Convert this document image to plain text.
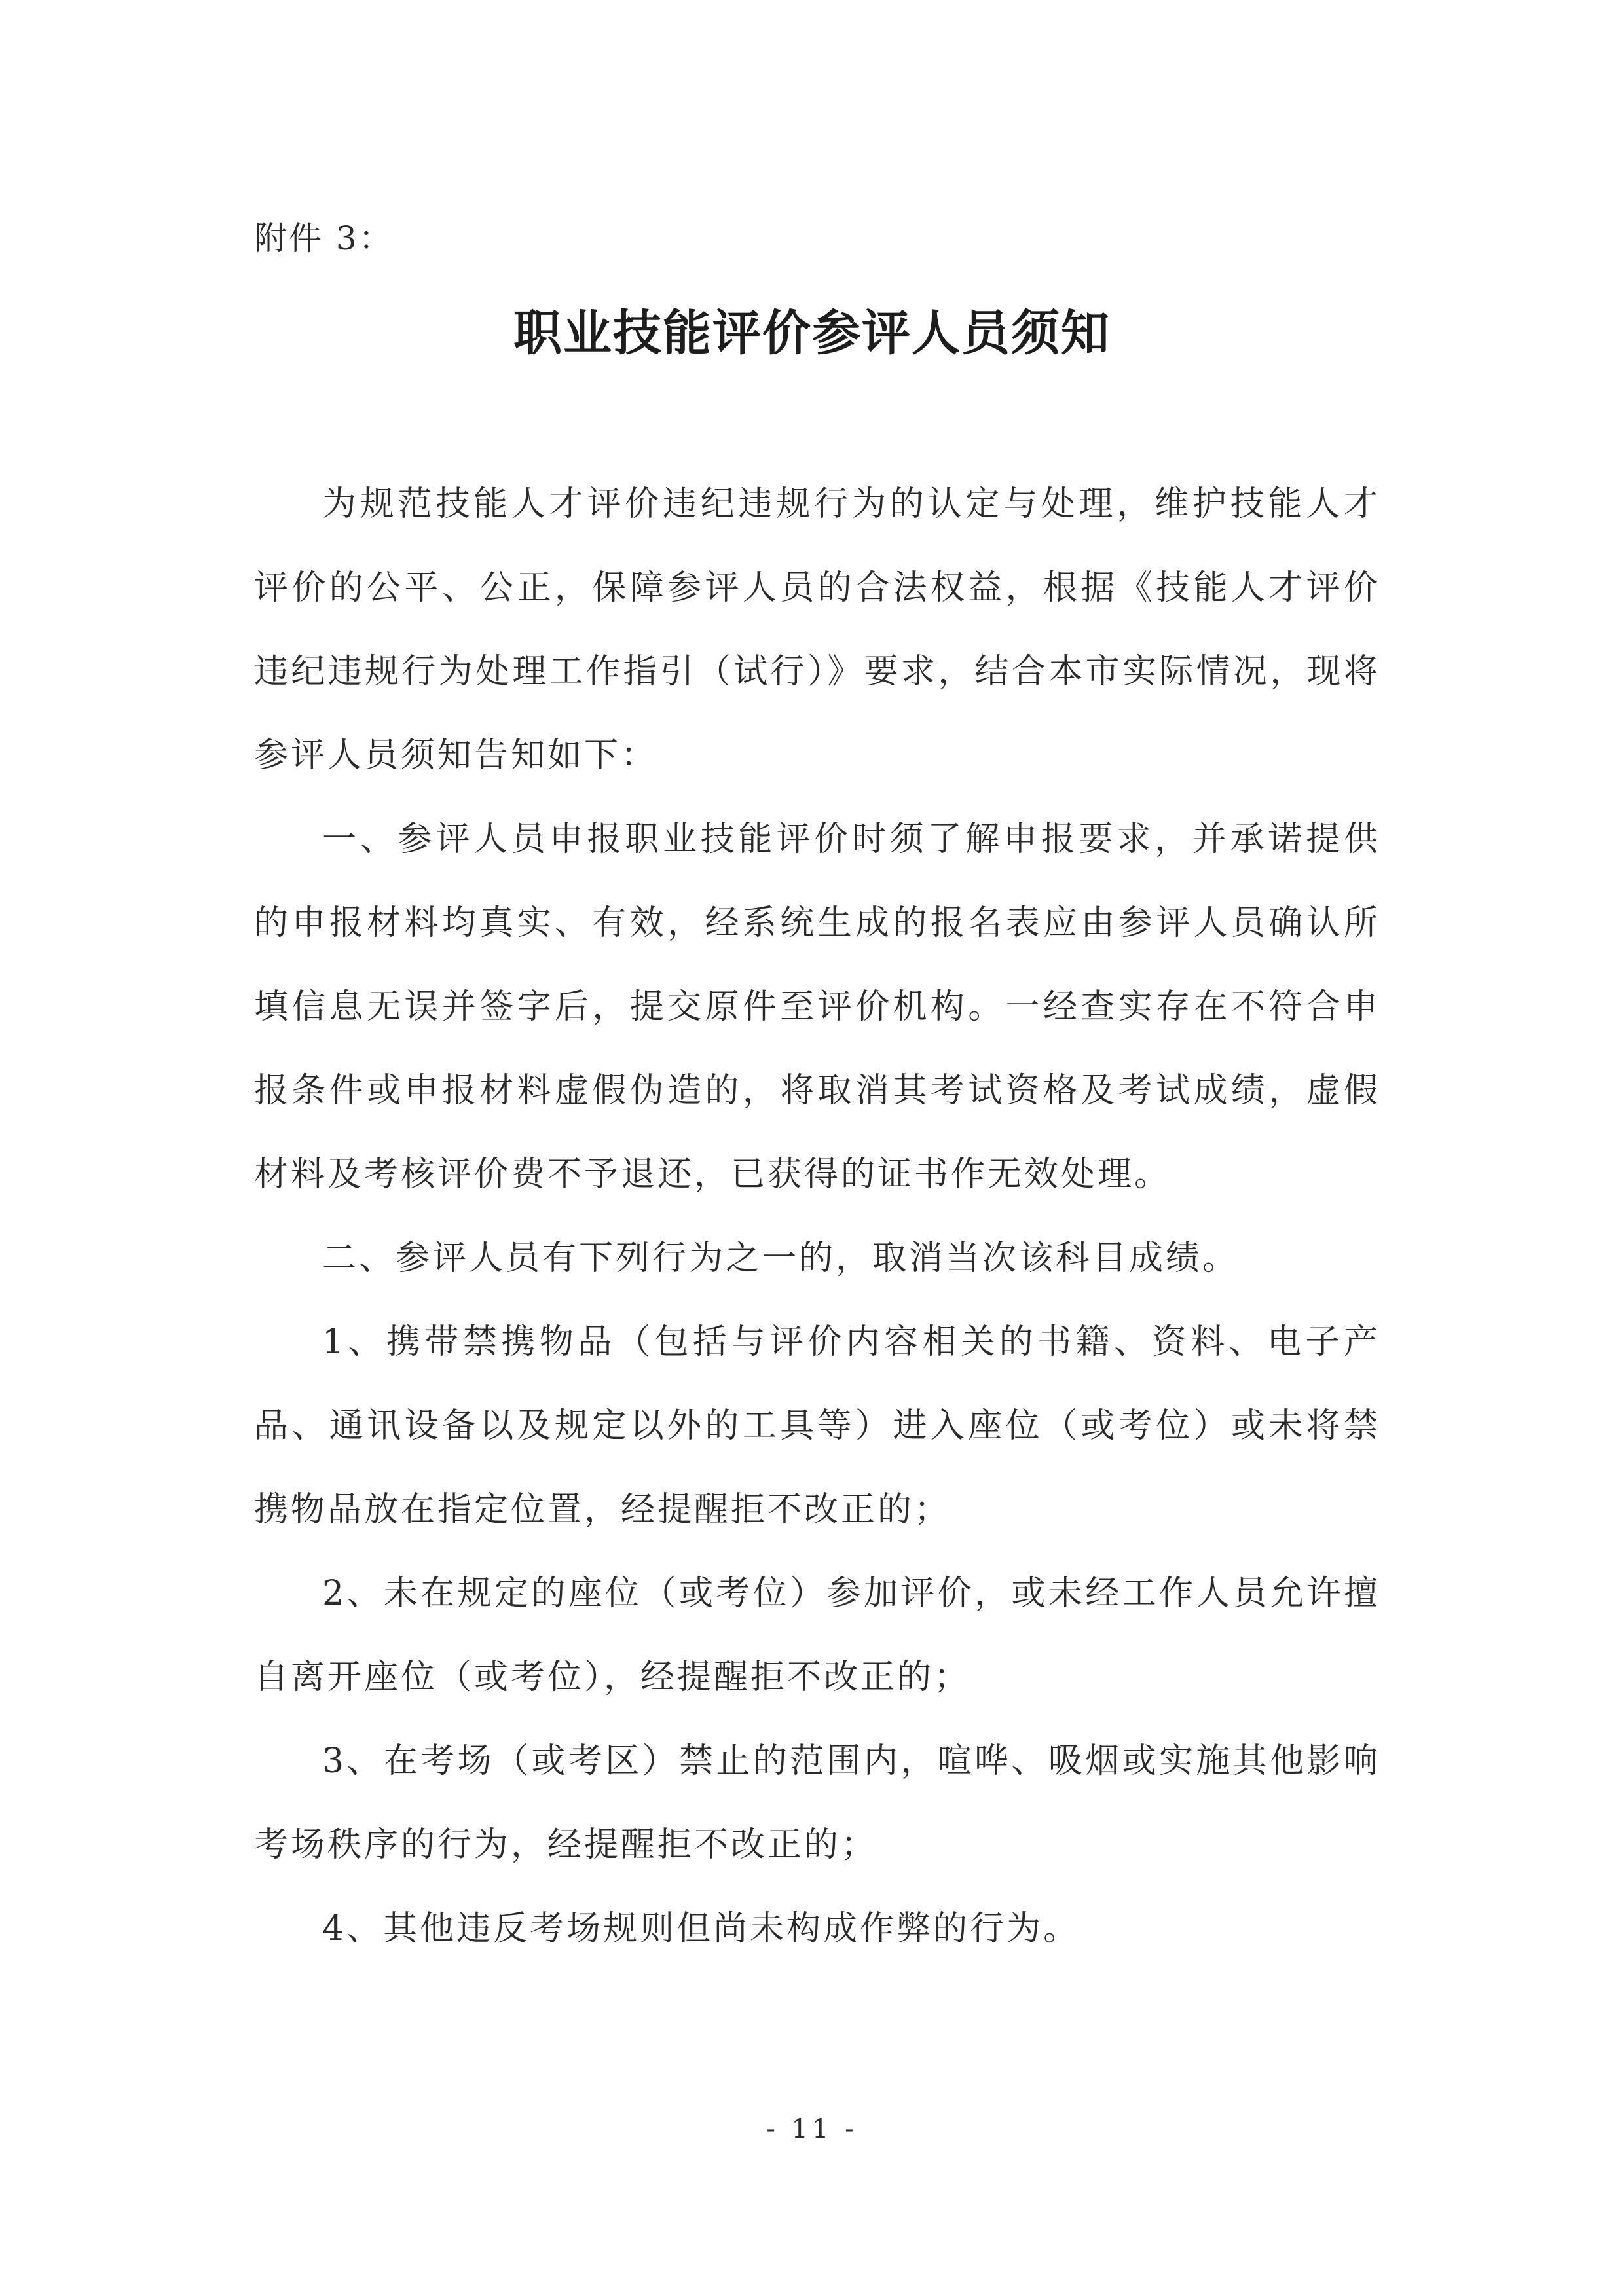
附件 3：
职业技能评价参评人员须知

为规范技能人才评价违纪违规行为的认定与处理，维护技能人才评价的公平、公正，保障参评人员的合法权益，根据《技能人才评价违纪违规行为处理工作指引（试行）》要求，结合本市实际情况，现将参评人员须知告知如下：

一、参评人员申报职业技能评价时须了解申报要求，并承诺提供的申报材料均真实、有效，经系统生成的报名表应由参评人员确认所填信息无误并签字后，提交原件至评价机构。一经查实存在不符合申报条件或申报材料虚假伪造的，将取消其考试资格及考试成绩，虚假材料及考核评价费不予退还，已获得的证书作无效处理。

二、参评人员有下列行为之一的，取消当次该科目成绩。

1、携带禁携物品（包括与评价内容相关的书籍、资料、电子产品、通讯设备以及规定以外的工具等）进入座位（或考位）或未将禁携物品放在指定位置，经提醒拒不改正的；

2、未在规定的座位（或考位）参加评价，或未经工作人员允许擅自离开座位（或考位），经提醒拒不改正的；

3、在考场（或考区）禁止的范围内，喧哗、吸烟或实施其他影响考场秩序的行为，经提醒拒不改正的；

4、其他违反考场规则但尚未构成作弊的行为。

- 11 -
